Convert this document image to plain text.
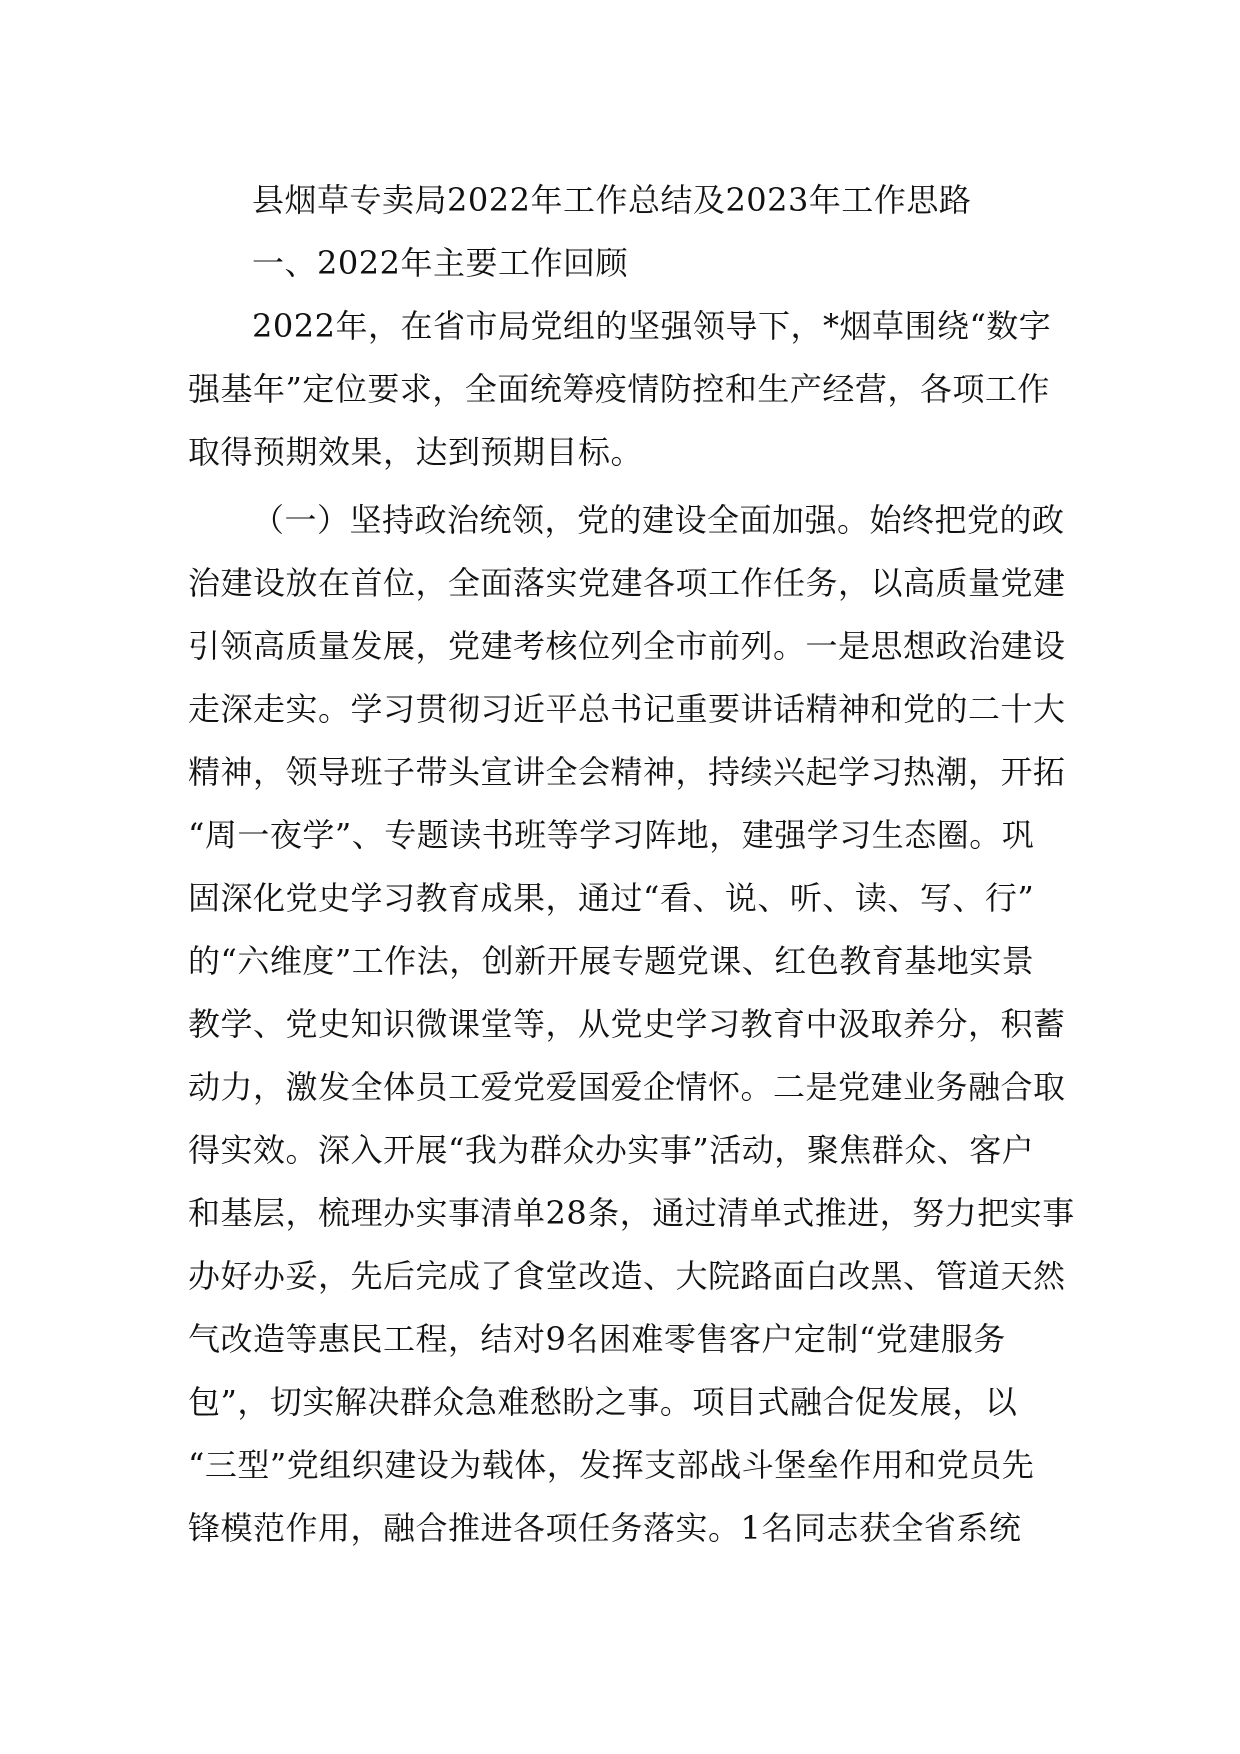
县烟草专卖局2022年工作总结及2023年工作思路

一、2022年主要工作回顾

2022年，在省市局党组的坚强领导下，*烟草围绕“数字

强基年”定位要求，全面统筹疫情防控和生产经营，各项工作

取得预期效果，达到预期目标。

（一）坚持政治统领，党的建设全面加强。始终把党的政

治建设放在首位，全面落实党建各项工作任务，以高质量党建

引领高质量发展，党建考核位列全市前列。一是思想政治建设

走深走实。学习贯彻习近平总书记重要讲话精神和党的二十大

精神，领导班子带头宣讲全会精神，持续兴起学习热潮，开拓

“周一夜学”、专题读书班等学习阵地，建强学习生态圈。巩

固深化党史学习教育成果，通过“看、说、听、读、写、行”

的“六维度”工作法，创新开展专题党课、红色教育基地实景

教学、党史知识微课堂等，从党史学习教育中汲取养分，积蓄

动力，激发全体员工爱党爱国爱企情怀。二是党建业务融合取

得实效。深入开展“我为群众办实事”活动，聚焦群众、客户

和基层，梳理办实事清单28条，通过清单式推进，努力把实事

办好办妥，先后完成了食堂改造、大院路面白改黑、管道天然

气改造等惠民工程，结对9名困难零售客户定制“党建服务

包”，切实解决群众急难愁盼之事。项目式融合促发展，以

“三型”党组织建设为载体，发挥支部战斗堡垒作用和党员先

锋模范作用，融合推进各项任务落实。1名同志获全省系统
